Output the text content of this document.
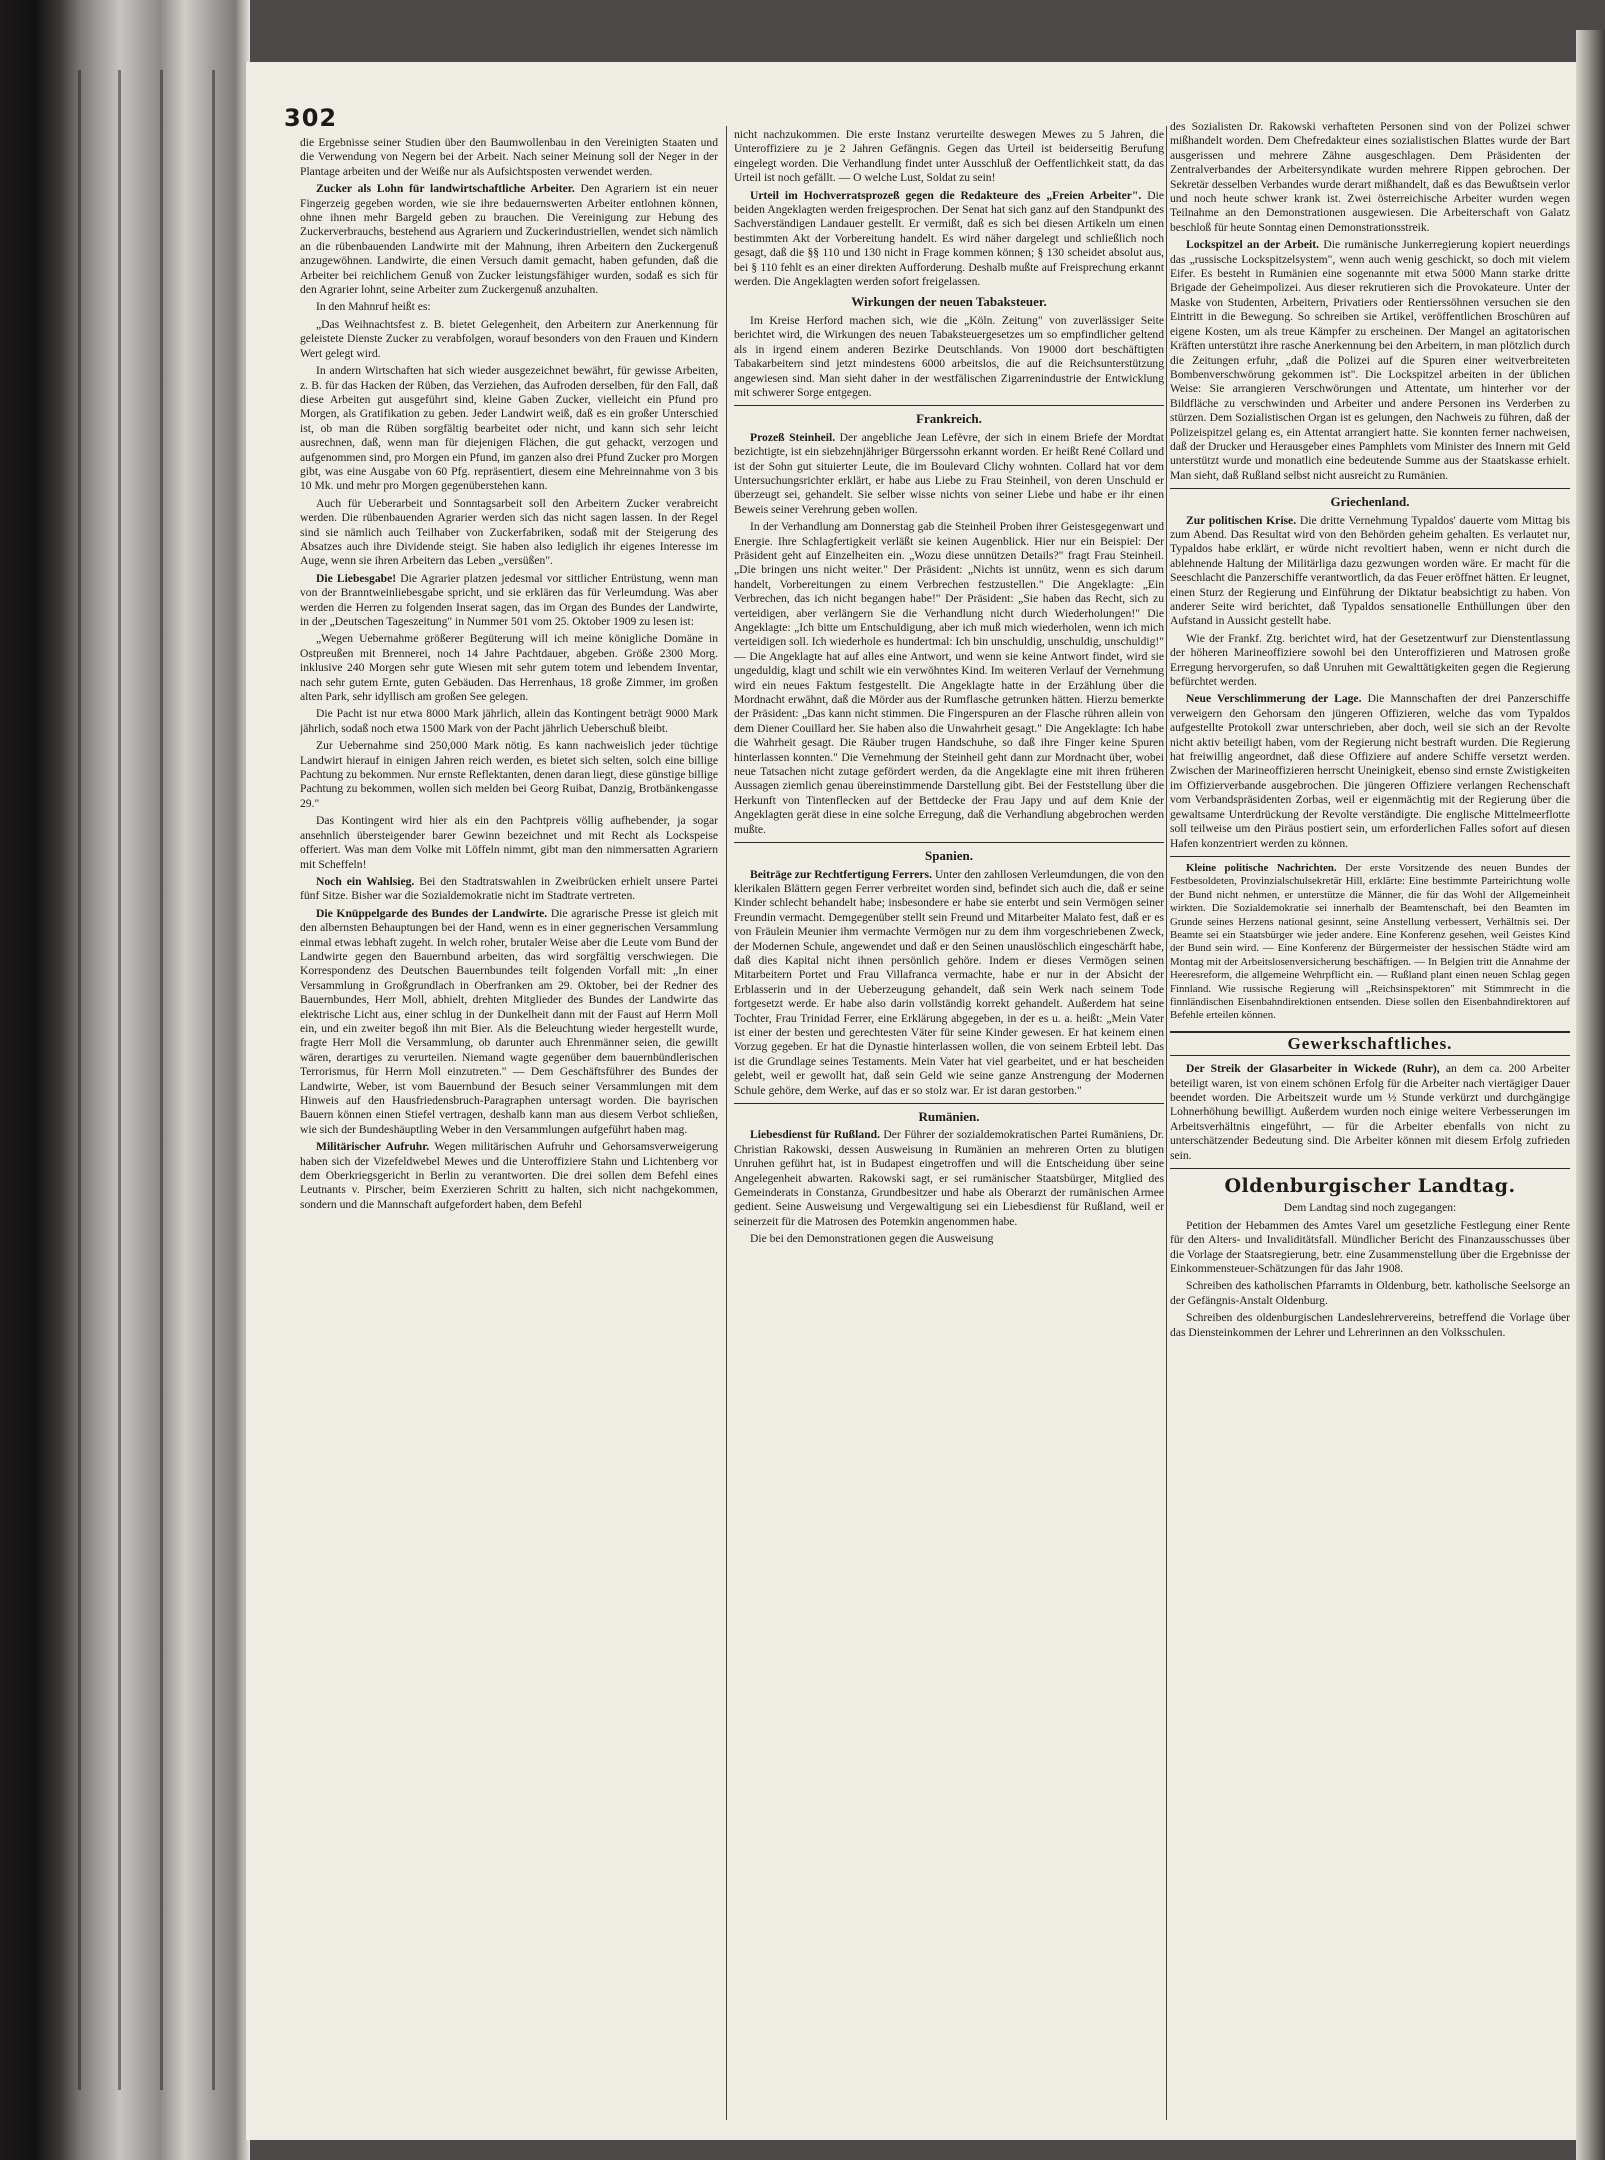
302

die Ergebnisse seiner Studien über den Baumwollenbau in den Vereinigten Staaten und die Verwendung von Negern bei der Arbeit. Nach seiner Meinung soll der Neger in der Plantage arbeiten und der Weiße nur als Aufsichtsposten verwendet werden.

Zucker als Lohn für landwirtschaftliche Arbeiter. Den Agrariern ist ein neuer Fingerzeig gegeben worden, wie sie ihre bedauernswerten Arbeiter entlohnen können, ohne ihnen mehr Bargeld geben zu brauchen. Die Vereinigung zur Hebung des Zuckerverbrauchs, bestehend aus Agrariern und Zuckerindustriellen, wendet sich nämlich an die rübenbauenden Landwirte mit der Mahnung, ihren Arbeitern den Zuckergenuß anzugewöhnen. Landwirte, die einen Versuch damit gemacht, haben gefunden, daß die Arbeiter bei reichlichem Genuß von Zucker leistungsfähiger wurden, sodaß es sich für den Agrarier lohnt, seine Arbeiter zum Zuckergenuß anzuhalten.

In den Mahnruf heißt es:

„Das Weihnachtsfest z. B. bietet Gelegenheit, den Arbeitern zur Anerkennung für geleistete Dienste Zucker zu verabfolgen, worauf besonders von den Frauen und Kindern Wert gelegt wird.

In andern Wirtschaften hat sich wieder ausgezeichnet bewährt, für gewisse Arbeiten, z. B. für das Hacken der Rüben, das Verziehen, das Aufroden derselben, für den Fall, daß diese Arbeiten gut ausgeführt sind, kleine Gaben Zucker, vielleicht ein Pfund pro Morgen, als Gratifikation zu geben. Jeder Landwirt weiß, daß es ein großer Unterschied ist, ob man die Rüben sorgfältig bearbeitet oder nicht, und kann sich sehr leicht ausrechnen, daß, wenn man für diejenigen Flächen, die gut gehackt, verzogen und aufgenommen sind, pro Morgen ein Pfund, im ganzen also drei Pfund Zucker pro Morgen gibt, was eine Ausgabe von 60 Pfg. repräsentiert, diesem eine Mehreinnahme von 3 bis 10 Mk. und mehr pro Morgen gegenüberstehen kann.

Auch für Ueberarbeit und Sonntagsarbeit soll den Arbeitern Zucker verabreicht werden. Die rübenbauenden Agrarier werden sich das nicht sagen lassen. In der Regel sind sie nämlich auch Teilhaber von Zuckerfabriken, sodaß mit der Steigerung des Absatzes auch ihre Dividende steigt. Sie haben also lediglich ihr eigenes Interesse im Auge, wenn sie ihren Arbeitern das Leben „versüßen".

Die Liebesgabe! Die Agrarier platzen jedesmal vor sittlicher Entrüstung, wenn man von der Branntweinliebesgabe spricht, und sie erklären das für Verleumdung. Was aber werden die Herren zu folgenden Inserat sagen, das im Organ des Bundes der Landwirte, in der „Deutschen Tageszeitung" in Nummer 501 vom 25. Oktober 1909 zu lesen ist:

„Wegen Uebernahme größerer Begüterung will ich meine königliche Domäne in Ostpreußen mit Brennerei, noch 14 Jahre Pachtdauer, abgeben. Größe 2300 Morg. inklusive 240 Morgen sehr gute Wiesen mit sehr gutem totem und lebendem Inventar, nach sehr gutem Ernte, guten Gebäuden. Das Herrenhaus, 18 große Zimmer, im großen alten Park, sehr idyllisch am großen See gelegen.

Die Pacht ist nur etwa 8000 Mark jährlich, allein das Kontingent beträgt 9000 Mark jährlich, sodaß noch etwa 1500 Mark von der Pacht jährlich Ueberschuß bleibt.

Zur Uebernahme sind 250,000 Mark nötig. Es kann nachweislich jeder tüchtige Landwirt hierauf in einigen Jahren reich werden, es bietet sich selten, solch eine billige Pachtung zu bekommen. Nur ernste Reflektanten, denen daran liegt, diese günstige billige Pachtung zu bekommen, wollen sich melden bei Georg Ruibat, Danzig, Brotbänkengasse 29."

Das Kontingent wird hier als ein den Pachtpreis völlig aufhebender, ja sogar ansehnlich übersteigender barer Gewinn bezeichnet und mit Recht als Lockspeise offeriert. Was man dem Volke mit Löffeln nimmt, gibt man den nimmersatten Agrariern mit Scheffeln!

Noch ein Wahlsieg. Bei den Stadtratswahlen in Zweibrücken erhielt unsere Partei fünf Sitze. Bisher war die Sozialdemokratie nicht im Stadtrate vertreten.

Die Knüppelgarde des Bundes der Landwirte. Die agrarische Presse ist gleich mit den albernsten Behauptungen bei der Hand, wenn es in einer gegnerischen Versammlung einmal etwas lebhaft zugeht. In welch roher, brutaler Weise aber die Leute vom Bund der Landwirte gegen den Bauernbund arbeiten, das wird sorgfältig verschwiegen. Die Korrespondenz des Deutschen Bauernbundes teilt folgenden Vorfall mit: „In einer Versammlung in Großgrundlach in Oberfranken am 29. Oktober, bei der Redner des Bauernbundes, Herr Moll, abhielt, drehten Mitglieder des Bundes der Landwirte das elektrische Licht aus, einer schlug in der Dunkelheit dann mit der Faust auf Herrn Moll ein, und ein zweiter begoß ihn mit Bier. Als die Beleuchtung wieder hergestellt wurde, fragte Herr Moll die Versammlung, ob darunter auch Ehrenmänner seien, die gewillt wären, derartiges zu verurteilen. Niemand wagte gegenüber dem bauernbündlerischen Terrorismus, für Herrn Moll einzutreten." — Dem Geschäftsführer des Bundes der Landwirte, Weber, ist vom Bauernbund der Besuch seiner Versammlungen mit dem Hinweis auf den Hausfriedensbruch-Paragraphen untersagt worden. Die bayrischen Bauern können einen Stiefel vertragen, deshalb kann man aus diesem Verbot schließen, wie sich der Bundeshäuptling Weber in den Versammlungen aufgeführt haben mag.

Militärischer Aufruhr. Wegen militärischen Aufruhr und Gehorsamsverweigerung haben sich der Vizefeldwebel Mewes und die Unteroffiziere Stahn und Lichtenberg vor dem Oberkriegsgericht in Berlin zu verantworten. Die drei sollen dem Befehl eines Leutnants v. Pirscher, beim Exerzieren Schritt zu halten, sich nicht nachgekommen, sondern und die Mannschaft aufgefordert haben, dem Befehl

nicht nachzukommen. Die erste Instanz verurteilte deswegen Mewes zu 5 Jahren, die Unteroffiziere zu je 2 Jahren Gefängnis. Gegen das Urteil ist beiderseitig Berufung eingelegt worden. Die Verhandlung findet unter Ausschluß der Oeffentlichkeit statt, da das Urteil ist noch gefällt. — O welche Lust, Soldat zu sein!

Urteil im Hochverratsprozeß gegen die Redakteure des „Freien Arbeiter". Die beiden Angeklagten werden freigesprochen. Der Senat hat sich ganz auf den Standpunkt des Sachverständigen Landauer gestellt. Er vermißt, daß es sich bei diesen Artikeln um einen bestimmten Akt der Vorbereitung handelt. Es wird näher dargelegt und schließlich noch gesagt, daß die §§ 110 und 130 nicht in Frage kommen können; § 130 scheidet absolut aus, bei § 110 fehlt es an einer direkten Aufforderung. Deshalb mußte auf Freisprechung erkannt werden. Die Angeklagten werden sofort freigelassen.

Wirkungen der neuen Tabaksteuer.

Im Kreise Herford machen sich, wie die „Köln. Zeitung" von zuverlässiger Seite berichtet wird, die Wirkungen des neuen Tabaksteuergesetzes um so empfindlicher geltend als in irgend einem anderen Bezirke Deutschlands. Von 19000 dort beschäftigten Tabakarbeitern sind jetzt mindestens 6000 arbeitslos, die auf die Reichsunterstützung angewiesen sind. Man sieht daher in der westfälischen Zigarrenindustrie der Entwicklung mit schwerer Sorge entgegen.

Frankreich.

Prozeß Steinheil. Der angebliche Jean Lefèvre, der sich in einem Briefe der Mordtat bezichtigte, ist ein siebzehnjähriger Bürgerssohn erkannt worden. Er heißt René Collard und ist der Sohn gut situierter Leute, die im Boulevard Clichy wohnten. Collard hat vor dem Untersuchungsrichter erklärt, er habe aus Liebe zu Frau Steinheil, von deren Unschuld er überzeugt sei, gehandelt. Sie selber wisse nichts von seiner Liebe und habe er ihr einen Beweis seiner Verehrung geben wollen.

In der Verhandlung am Donnerstag gab die Steinheil Proben ihrer Geistesgegenwart und Energie. Ihre Schlagfertigkeit verläßt sie keinen Augenblick. Hier nur ein Beispiel: Der Präsident geht auf Einzelheiten ein. „Wozu diese unnützen Details?" fragt Frau Steinheil. „Die bringen uns nicht weiter." Der Präsident: „Nichts ist unnütz, wenn es sich darum handelt, Vorbereitungen zu einem Verbrechen festzustellen." Die Angeklagte: „Ein Verbrechen, das ich nicht begangen habe!" Der Präsident: „Sie haben das Recht, sich zu verteidigen, aber verlängern Sie die Verhandlung nicht durch Wiederholungen!" Die Angeklagte: „Ich bitte um Entschuldigung, aber ich muß mich wiederholen, wenn ich mich verteidigen soll. Ich wiederhole es hundertmal: Ich bin unschuldig, unschuldig, unschuldig!" — Die Angeklagte hat auf alles eine Antwort, und wenn sie keine Antwort findet, wird sie ungeduldig, klagt und schilt wie ein verwöhntes Kind. Im weiteren Verlauf der Vernehmung wird ein neues Faktum festgestellt. Die Angeklagte hatte in der Erzählung über die Mordnacht erwähnt, daß die Mörder aus der Rumflasche getrunken hätten. Hierzu bemerkte der Präsident: „Das kann nicht stimmen. Die Fingerspuren an der Flasche rühren allein von dem Diener Couillard her. Sie haben also die Unwahrheit gesagt." Die Angeklagte: Ich habe die Wahrheit gesagt. Die Räuber trugen Handschuhe, so daß ihre Finger keine Spuren hinterlassen konnten." Die Vernehmung der Steinheil geht dann zur Mordnacht über, wobei neue Tatsachen nicht zutage gefördert werden, da die Angeklagte eine mit ihren früheren Aussagen ziemlich genau übereinstimmende Darstellung gibt. Bei der Feststellung über die Herkunft von Tintenflecken auf der Bettdecke der Frau Japy und auf dem Knie der Angeklagten gerät diese in eine solche Erregung, daß die Verhandlung abgebrochen werden mußte.

Spanien.

Beiträge zur Rechtfertigung Ferrers. Unter den zahllosen Verleumdungen, die von den klerikalen Blättern gegen Ferrer verbreitet worden sind, befindet sich auch die, daß er seine Kinder schlecht behandelt habe; insbesondere er habe sie enterbt und sein Vermögen seiner Freundin vermacht. Demgegenüber stellt sein Freund und Mitarbeiter Malato fest, daß er es von Fräulein Meunier ihm vermachte Vermögen nur zu dem ihm vorgeschriebenen Zweck, der Modernen Schule, angewendet und daß er den Seinen unauslöschlich eingeschärft habe, daß dies Kapital nicht ihnen persönlich gehöre. Indem er dieses Vermögen seinen Mitarbeitern Portet und Frau Villafranca vermachte, habe er nur in der Absicht der Erblasserin und in der Ueberzeugung gehandelt, daß sein Werk nach seinem Tode fortgesetzt werde. Er habe also darin vollständig korrekt gehandelt. Außerdem hat seine Tochter, Frau Trinidad Ferrer, eine Erklärung abgegeben, in der es u. a. heißt: „Mein Vater ist einer der besten und gerechtesten Väter für seine Kinder gewesen. Er hat keinem einen Vorzug gegeben. Er hat die Dynastie hinterlassen wollen, die von seinem Erbteil lebt. Das ist die Grundlage seines Testaments. Mein Vater hat viel gearbeitet, und er hat bescheiden gelebt, weil er gewollt hat, daß sein Geld wie seine ganze Anstrengung der Modernen Schule gehöre, dem Werke, auf das er so stolz war. Er ist daran gestorben."

Rumänien.

Liebesdienst für Rußland. Der Führer der sozialdemokratischen Partei Rumäniens, Dr. Christian Rakowski, dessen Ausweisung in Rumänien an mehreren Orten zu blutigen Unruhen geführt hat, ist in Budapest eingetroffen und will die Entscheidung über seine Angelegenheit abwarten. Rakowski sagt, er sei rumänischer Staatsbürger, Mitglied des Gemeinderats in Constanza, Grundbesitzer und habe als Oberarzt der rumänischen Armee gedient. Seine Ausweisung und Vergewaltigung sei ein Liebesdienst für Rußland, weil er seinerzeit für die Matrosen des Potemkin angenommen habe.

Die bei den Demonstrationen gegen die Ausweisung

des Sozialisten Dr. Rakowski verhafteten Personen sind von der Polizei schwer mißhandelt worden. Dem Chefredakteur eines sozialistischen Blattes wurde der Bart ausgerissen und mehrere Zähne ausgeschlagen. Dem Präsidenten der Zentralverbandes der Arbeitersyndikate wurden mehrere Rippen gebrochen. Der Sekretär desselben Verbandes wurde derart mißhandelt, daß es das Bewußtsein verlor und noch heute schwer krank ist. Zwei österreichische Arbeiter wurden wegen Teilnahme an den Demonstrationen ausgewiesen. Die Arbeiterschaft von Galatz beschloß für heute Sonntag einen Demonstrationsstreik.

Lockspitzel an der Arbeit. Die rumänische Junkerregierung kopiert neuerdings das „russische Lockspitzelsystem", wenn auch wenig geschickt, so doch mit vielem Eifer. Es besteht in Rumänien eine sogenannte mit etwa 5000 Mann starke dritte Brigade der Geheimpolizei. Aus dieser rekrutieren sich die Provokateure. Unter der Maske von Studenten, Arbeitern, Privatiers oder Rentierssöhnen versuchen sie den Eintritt in die Bewegung. So schreiben sie Artikel, veröffentlichen Broschüren auf eigene Kosten, um als treue Kämpfer zu erscheinen. Der Mangel an agitatorischen Kräften unterstützt ihre rasche Anerkennung bei den Arbeitern, in man plötzlich durch die Zeitungen erfuhr, „daß die Polizei auf die Spuren einer weitverbreiteten Bombenverschwörung gekommen ist". Die Lockspitzel arbeiten in der üblichen Weise: Sie arrangieren Verschwörungen und Attentate, um hinterher vor der Bildfläche zu verschwinden und Arbeiter und andere Personen ins Verderben zu stürzen. Dem Sozialistischen Organ ist es gelungen, den Nachweis zu führen, daß der Polizeispitzel gelang es, ein Attentat arrangiert hatte. Sie konnten ferner nachweisen, daß der Drucker und Herausgeber eines Pamphlets vom Minister des Innern mit Geld unterstützt wurde und monatlich eine bedeutende Summe aus der Staatskasse erhielt. Man sieht, daß Rußland selbst nicht ausreicht zu Rumänien.

Griechenland.

Zur politischen Krise. Die dritte Vernehmung Typaldos' dauerte vom Mittag bis zum Abend. Das Resultat wird von den Behörden geheim gehalten. Es verlautet nur, Typaldos habe erklärt, er würde nicht revoltiert haben, wenn er nicht durch die ablehnende Haltung der Militärliga dazu gezwungen worden wäre. Er macht für die Seeschlacht die Panzerschiffe verantwortlich, da das Feuer eröffnet hätten. Er leugnet, einen Sturz der Regierung und Einführung der Diktatur beabsichtigt zu haben. Von anderer Seite wird berichtet, daß Typaldos sensationelle Enthüllungen über den Aufstand in Aussicht gestellt habe.

Wie der Frankf. Ztg. berichtet wird, hat der Gesetzentwurf zur Dienstentlassung der höheren Marineoffiziere sowohl bei den Unteroffizieren und Matrosen große Erregung hervorgerufen, so daß Unruhen mit Gewalttätigkeiten gegen die Regierung befürchtet werden.

Neue Verschlimmerung der Lage. Die Mannschaften der drei Panzerschiffe verweigern den Gehorsam den jüngeren Offizieren, welche das vom Typaldos aufgestellte Protokoll zwar unterschrieben, aber doch, weil sie sich an der Revolte nicht aktiv beteiligt haben, vom der Regierung nicht bestraft wurden. Die Regierung hat freiwillig angeordnet, daß diese Offiziere auf andere Schiffe versetzt werden. Zwischen der Marineoffizieren herrscht Uneinigkeit, ebenso sind ernste Zwistigkeiten im Offizierverbande ausgebrochen. Die jüngeren Offiziere verlangen Rechenschaft vom Verbandspräsidenten Zorbas, weil er eigenmächtig mit der Regierung über die gewaltsame Unterdrückung der Revolte verständigte. Die englische Mittelmeerflotte soll teilweise um den Piräus postiert sein, um erforderlichen Falles sofort auf diesen Hafen konzentriert werden zu können.

Kleine politische Nachrichten. Der erste Vorsitzende des neuen Bundes der Festbesoldeten, Provinzialschulsekretär Hill, erklärte: Eine bestimmte Parteirichtung wolle der Bund nicht nehmen, er unterstütze die Männer, die für das Wohl der Allgemeinheit wirkten. Die Sozialdemokratie sei innerhalb der Beamtenschaft, bei den Beamten im Grunde seines Herzens national gesinnt, seine Anstellung verbessert, Verhältnis sei. Der Beamte sei ein Staatsbürger wie jeder andere. Eine Konferenz gesehen, weil Geistes Kind der Bund sein wird. — Eine Konferenz der Bürgermeister der hessischen Städte wird am Montag mit der Arbeitslosenversicherung beschäftigen. — In Belgien tritt die Annahme der Heeresreform, die allgemeine Wehrpflicht ein. — Rußland plant einen neuen Schlag gegen Finnland. Wie russische Regierung will „Reichsinspektoren" mit Stimmrecht in die finnländischen Eisenbahndirektionen entsenden. Diese sollen den Eisenbahndirektoren auf Befehle erteilen können.

Gewerkschaftliches.

Der Streik der Glasarbeiter in Wickede (Ruhr), an dem ca. 200 Arbeiter beteiligt waren, ist von einem schönen Erfolg für die Arbeiter nach viertägiger Dauer beendet worden. Die Arbeitszeit wurde um ½ Stunde verkürzt und durchgängige Lohnerhöhung bewilligt. Außerdem wurden noch einige weitere Verbesserungen im Arbeitsverhältnis eingeführt, — für die Arbeiter ebenfalls von nicht zu unterschätzender Bedeutung sind. Die Arbeiter können mit diesem Erfolg zufrieden sein.

Oldenburgischer Landtag.

Dem Landtag sind noch zugegangen:

Petition der Hebammen des Amtes Varel um gesetzliche Festlegung einer Rente für den Alters- und Invaliditätsfall. Mündlicher Bericht des Finanzausschusses über die Vorlage der Staatsregierung, betr. eine Zusammenstellung über die Ergebnisse der Einkommensteuer-Schätzungen für das Jahr 1908.

Schreiben des katholischen Pfarramts in Oldenburg, betr. katholische Seelsorge an der Gefängnis-Anstalt Oldenburg.

Schreiben des oldenburgischen Landeslehrervereins, betreffend die Vorlage über das Diensteinkommen der Lehrer und Lehrerinnen an den Volksschulen.
